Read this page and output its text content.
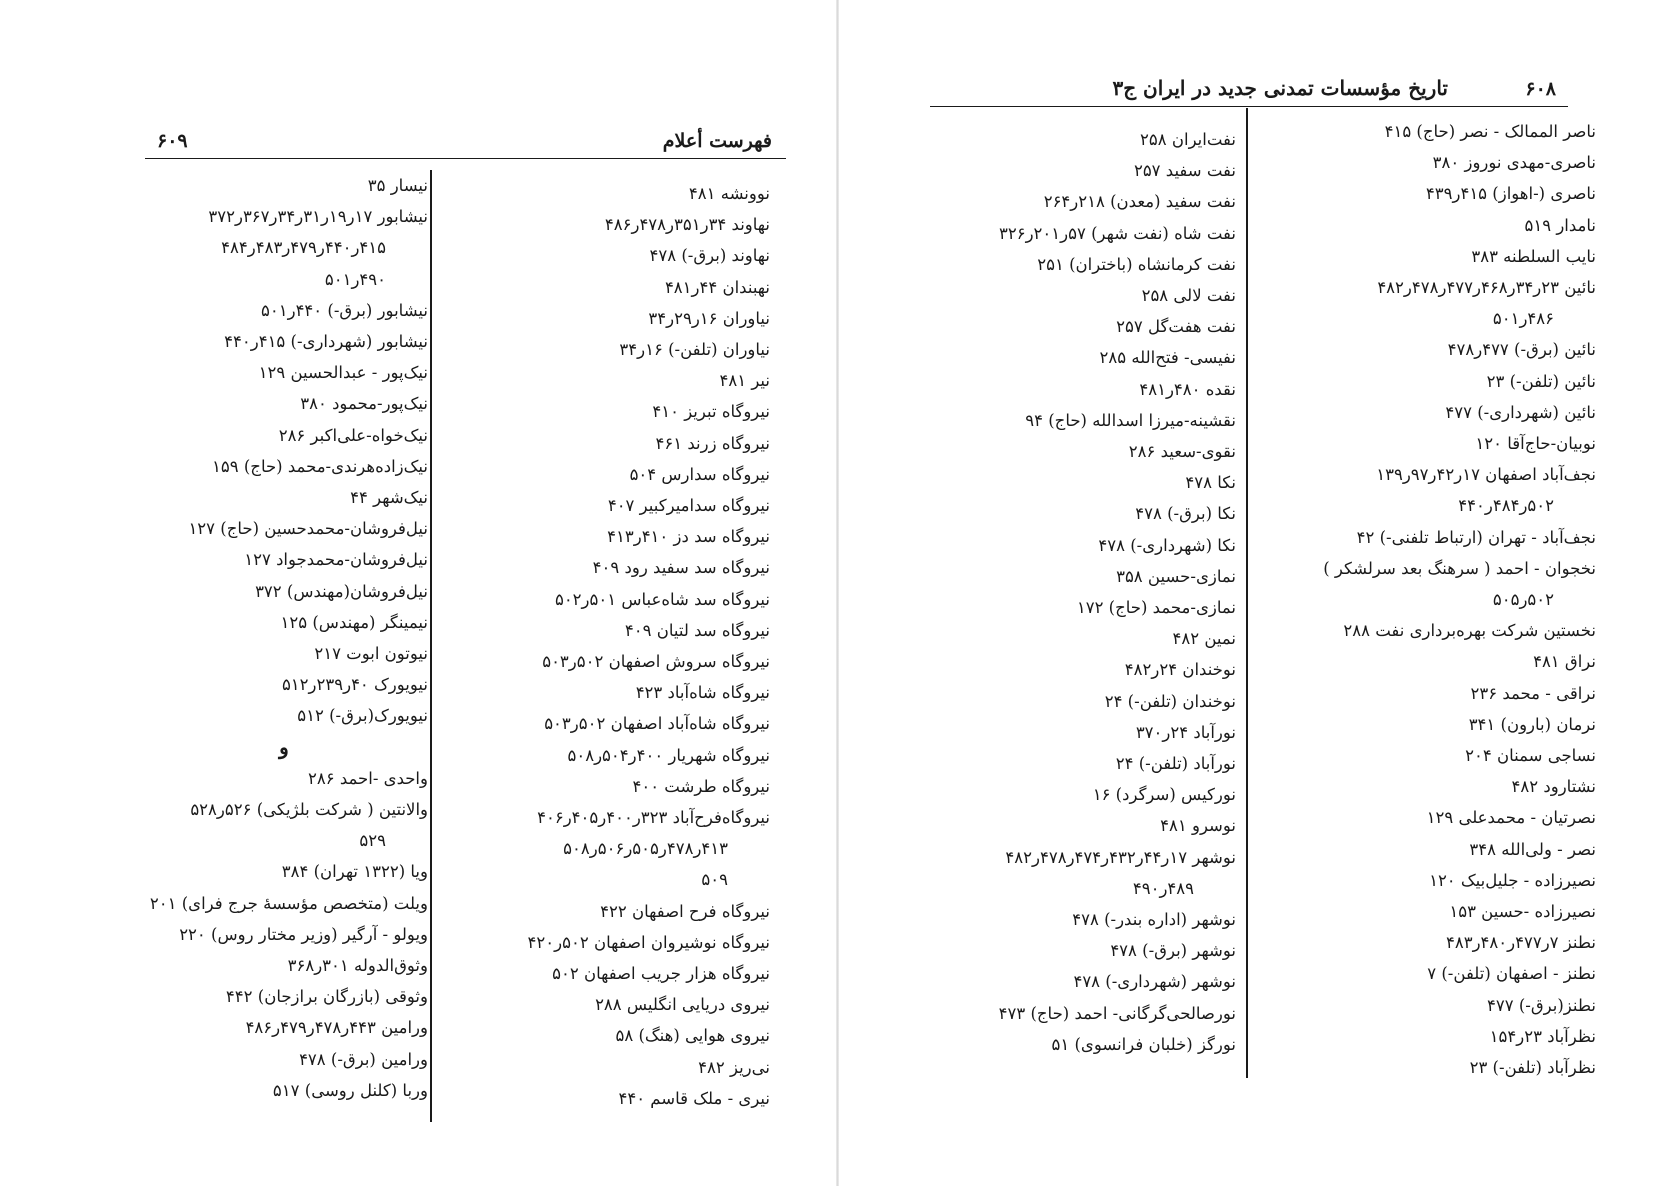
۶۰۹	فهرست أعلام
نوونشه ۴۸۱
نهاوند ۳۴ر۳۵۱ر۴۷۸ر۴۸۶
نهاوند (برق-) ۴۷۸
نهبندان ۴۴ر۴۸۱
نیاوران ۱۶ر۲۹ر۳۴
نیاوران (تلفن-) ۱۶ر۳۴
نیر ۴۸۱
نیروگاه تبریز ۴۱۰
نیروگاه زرند ۴۶۱
نیروگاه سدارس ۵۰۴
نیروگاه سدامیرکبیر ۴۰۷
نیروگاه سد دز ۴۱۰ر۴۱۳
نیروگاه سد سفید رود ۴۰۹
نیروگاه سد شاه‌عباس ۵۰۱ر۵۰۲
نیروگاه سد لتیان ۴۰۹
نیروگاه سروش اصفهان ۵۰۲ر۵۰۳
نیروگاه شاه‌آباد ۴۲۳
نیروگاه شاه‌آباد اصفهان ۵۰۲ر۵۰۳
نیروگاه شهریار ۴۰۰ر۵۰۴ر۵۰۸
نیروگاه طرشت ۴۰۰
نیروگاه‌فرح‌آباد ۳۲۳ر۴۰۰ر۴۰۵ر۴۰۶
۴۱۳ر۴۷۸ر۵۰۵ر۵۰۶ر۵۰۸
۵۰۹
نیروگاه فرح اصفهان ۴۲۲
نیروگاه نوشیروان اصفهان ۵۰۲ر۴۲۰
نیروگاه هزار جریب اصفهان ۵۰۲
نیروی دریایی انگلیس ۲۸۸
نیروی هوایی (هنگ) ۵۸
نی‌ریز ۴۸۲
نیری - ملک قاسم ۴۴۰
نیسار ۳۵
نیشابور ۱۷ر۱۹ر۳۱ر۳۴ر۳۶۷ر۳۷۲
۴۱۵ر۴۴۰ر۴۷۹ر۴۸۳ر۴۸۴
۴۹۰ر۵۰۱
نیشابور (برق-) ۴۴۰ر۵۰۱
نیشابور (شهرداری-) ۴۱۵ر۴۴۰
نیک‌پور - عبدالحسین ۱۲۹
نیک‌پور-محمود ۳۸۰
نیک‌خواه-علی‌اکبر ۲۸۶
نیک‌زاده‌هرندی-محمد (حاج) ۱۵۹
نیک‌شهر ۴۴
نیل‌فروشان-محمدحسین (حاج) ۱۲۷
نیل‌فروشان-محمدجواد ۱۲۷
نیل‌فروشان(مهندس) ۳۷۲
نیمینگر (مهندس) ۱۲۵
نیوتون ابوت ۲۱۷
نیویورک ۴۰ر۲۳۹ر۵۱۲
نیویورک(برق-) ۵۱۲
و
واحدی -احمد ۲۸۶
والانتین ( شرکت بلژیکی) ۵۲۶ر۵۲۸
۵۲۹
ویا (۱۳۲۲ تهران) ۳۸۴
ویلت (متخصص مؤسسهٔ جرج فرای) ۲۰۱
ویولو - آرگیر (وزیر مختار روس) ۲۲۰
وثوق‌الدوله ۳۰۱ر۳۶۸
وثوقی (بازرگان برازجان) ۴۴۲
ورامین ۴۴۳ر۴۷۸ر۴۷۹ر۴۸۶
ورامین (برق-) ۴۷۸
وربا (کلنل روسی) ۵۱۷
۶۰۸
تاریخ مؤسسات تمدنی جدید در ایران ج۳
ناصر الممالک - نصر (حاج) ۴۱۵
ناصری-مهدی نوروز ۳۸۰
ناصری (-اهواز) ۴۱۵ر۴۳۹
نامدار ۵۱۹
نایب السلطنه ۳۸۳
نائین ۲۳ر۳۴ر۴۶۸ر۴۷۷ر۴۷۸ر۴۸۲
۴۸۶ر۵۰۱
نائین (برق-) ۴۷۷ر۴۷۸
نائین (تلفن-) ۲۳
نائین (شهرداری-) ۴۷۷
نوبیان-حاج‌آقا ۱۲۰
نجف‌آباد اصفهان ۱۷ر۴۲ر۹۷ر۱۳۹
۵۰۲ر۴۸۴ر۴۴۰
نجف‌آباد - تهران (ارتباط تلفنی-) ۴۲
نخجوان - احمد ( سرهنگ بعد سرلشکر )
۵۰۲ر۵۰۵
نخستین شرکت بهره‌برداری نفت ۲۸۸
نراق ۴۸۱
نراقی - محمد ۲۳۶
نرمان (بارون) ۳۴۱
نساجی سمنان ۲۰۴
نشتارود ۴۸۲
نصرتیان - محمدعلی ۱۲۹
نصر - ولی‌الله ۳۴۸
نصیرزاده - جلیل‌بیک ۱۲۰
نصیرزاده -حسین ۱۵۳
نطنز ۷ر۴۷۷ر۴۸۰ر۴۸۳
نطنز - اصفهان (تلفن-) ۷
نطنز(برق-) ۴۷۷
نظرآباد ۲۳ر۱۵۴
نظرآباد (تلفن-) ۲۳
نفت‌ایران ۲۵۸
نفت سفید ۲۵۷
نفت سفید (معدن) ۲۱۸ر۲۶۴
نفت شاه (نفت شهر) ۵۷ر۲۰۱ر۳۲۶
نفت کرمانشاه (باختران) ۲۵۱
نفت لالی ۲۵۸
نفت هفت‌گل ۲۵۷
نفیسی- فتح‌الله ۲۸۵
نقده ۴۸۰ر۴۸۱
نقشینه-میرزا اسدالله (حاج) ۹۴
نقوی-سعید ۲۸۶
نکا ۴۷۸
نکا (برق-) ۴۷۸
نکا (شهرداری-) ۴۷۸
نمازی-حسین ۳۵۸
نمازی-محمد (حاج) ۱۷۲
نمین ۴۸۲
نوخندان ۲۴ر۴۸۲
نوخندان (تلفن-) ۲۴
نورآباد ۲۴ر۳۷۰
نورآباد (تلفن-) ۲۴
نورکیس (سرگرد) ۱۶
نوسرو ۴۸۱
نوشهر ۱۷ر۴۴ر۴۳۲ر۴۷۴ر۴۷۸ر۴۸۲
۴۸۹ر۴۹۰
نوشهر (اداره بندر-) ۴۷۸
نوشهر (برق-) ۴۷۸
نوشهر (شهرداری-) ۴۷۸
نورصالحی‌گرگانی- احمد (حاج) ۴۷۳
نورگز (خلبان فرانسوی) ۵۱
